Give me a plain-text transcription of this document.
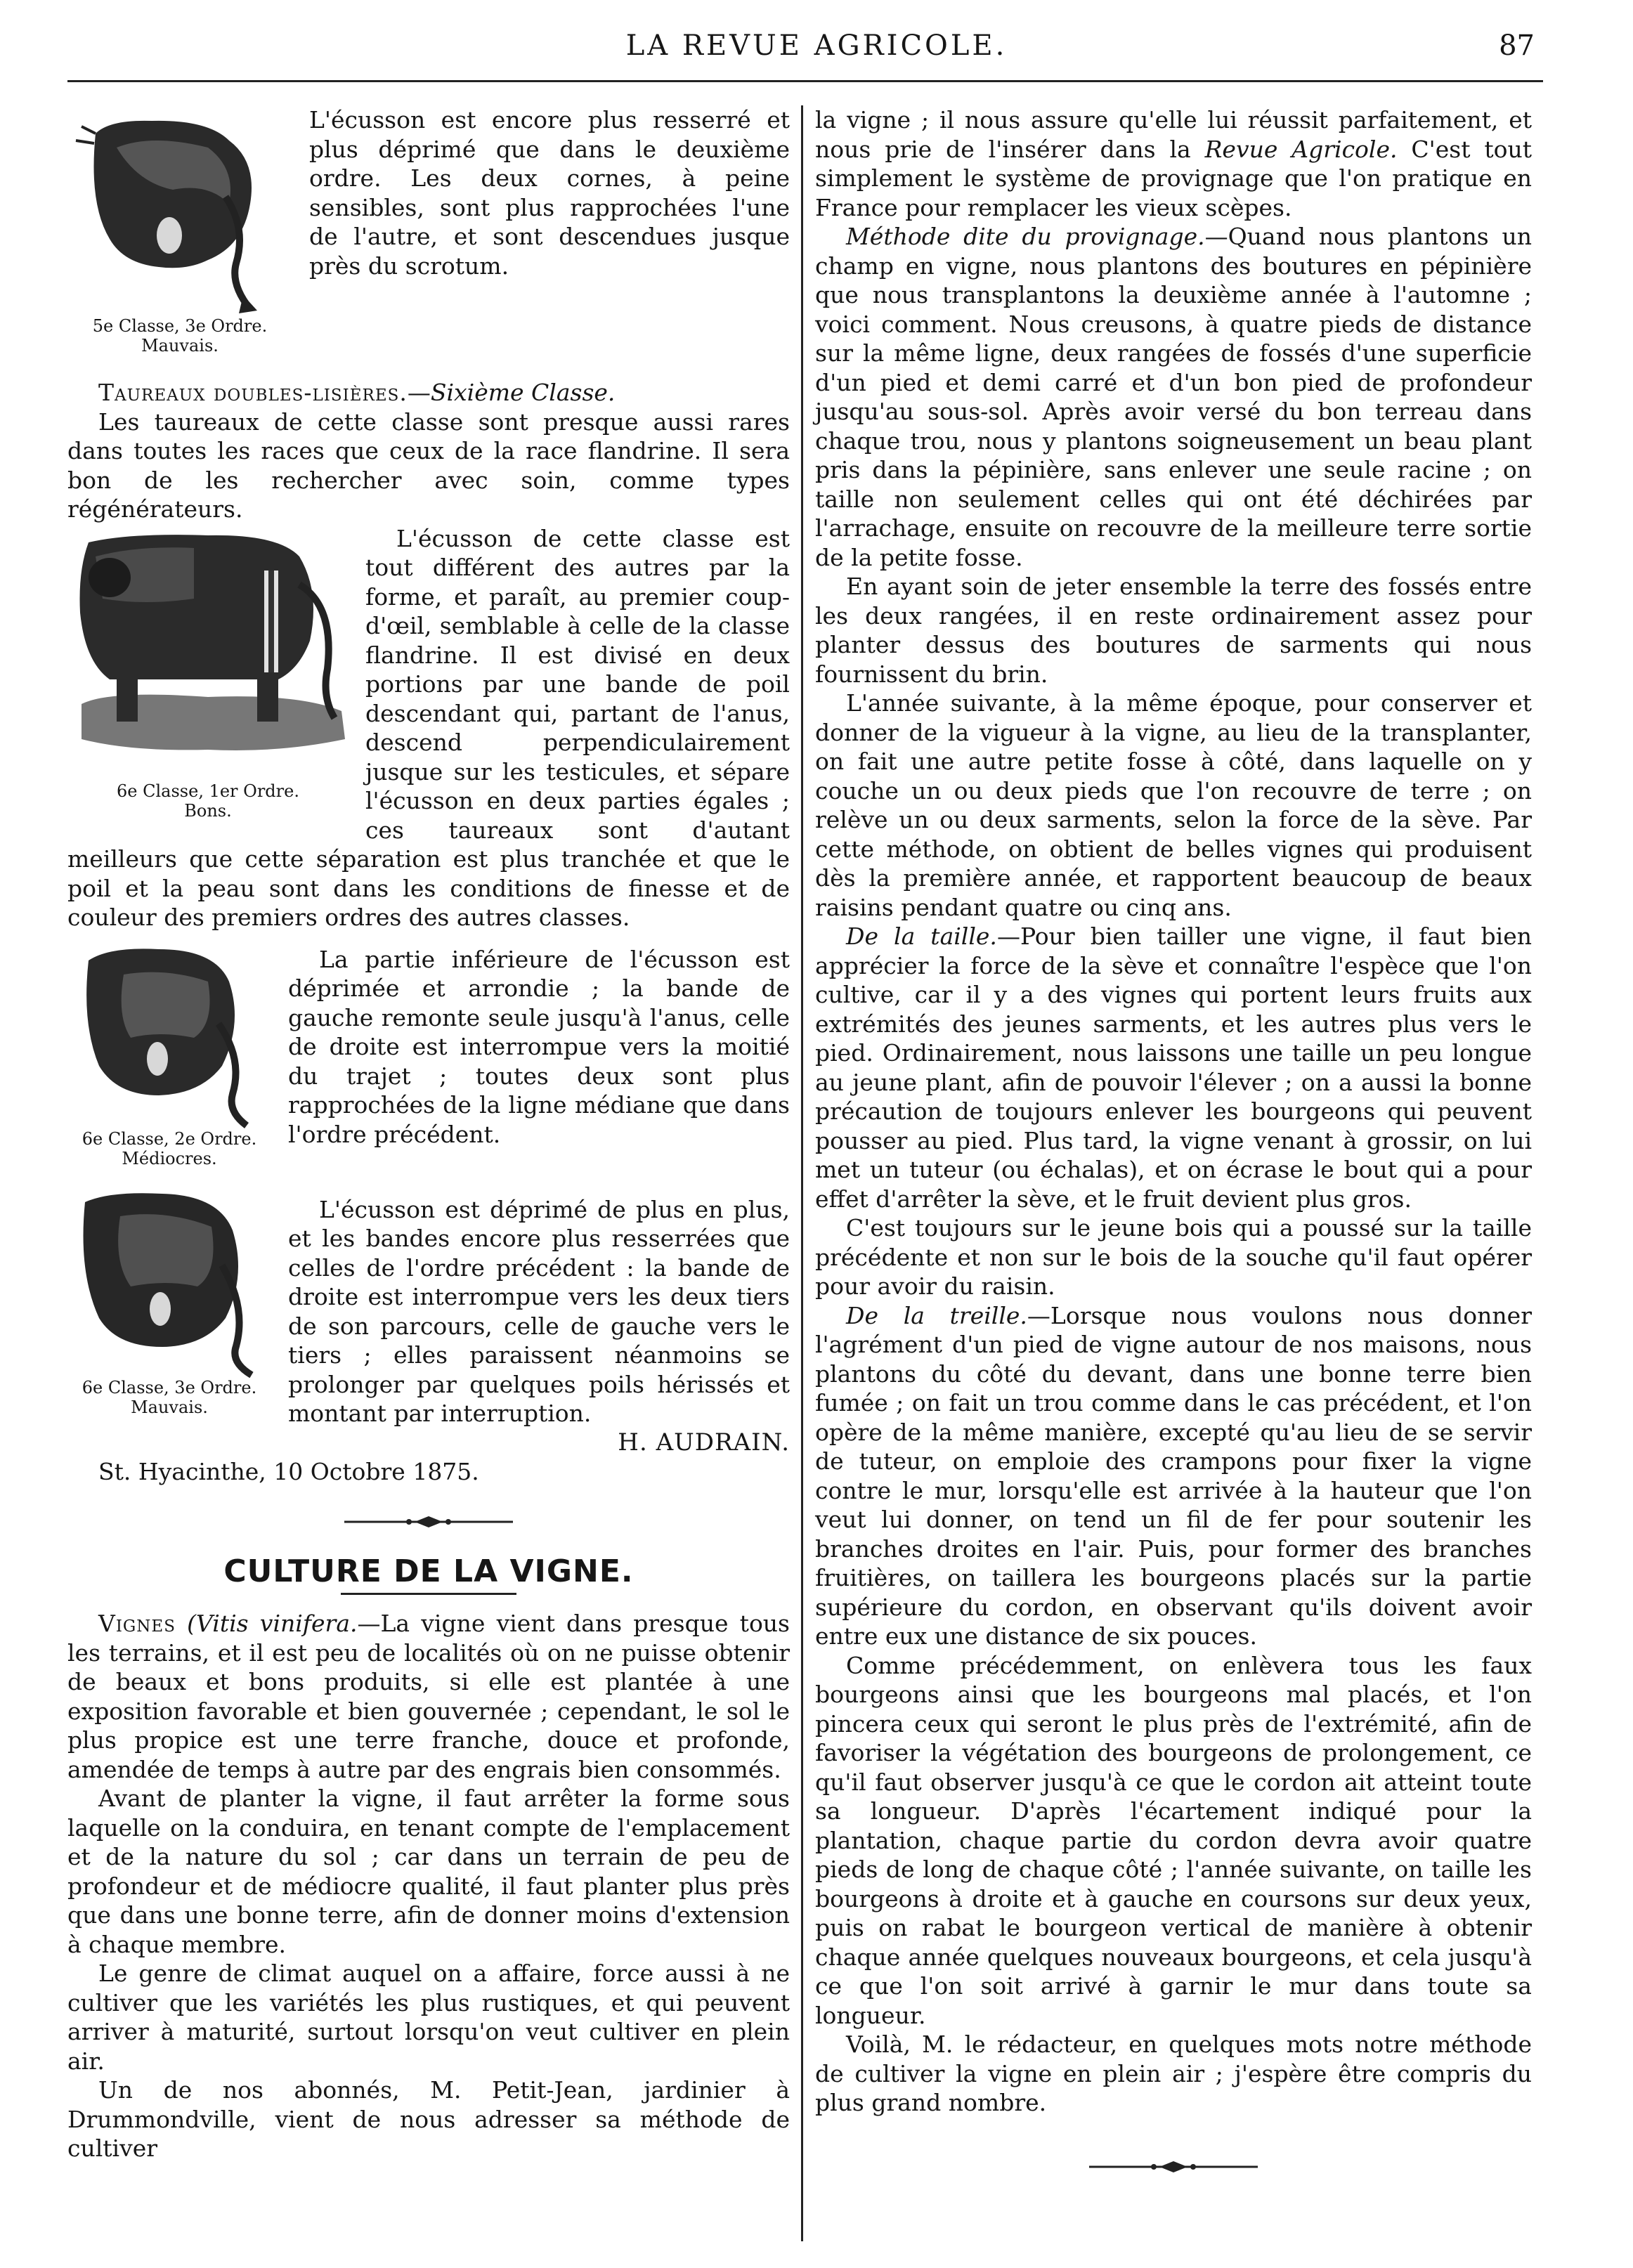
LA REVUE AGRICOLE.	87
5e Classe, 3e Ordre.
Mauvais.

L'écusson est encore plus resserré et plus déprimé que dans le deuxième ordre. Les deux cornes, à peine sensibles, sont plus rapprochées l'une de l'autre, et sont descendues jusque près du scrotum.

Taureaux doubles-lisières.—Sixième Classe.

Les taureaux de cette classe sont presque aussi rares dans toutes les races que ceux de la race flandrine. Il sera bon de les rechercher avec soin, comme types régénérateurs.

6e Classe, 1er Ordre.
Bons.

L'écusson de cette classe est tout différent des autres par la forme, et paraît, au premier coup-d'œil, semblable à celle de la classe flandrine. Il est divisé en deux portions par une bande de poil descendant qui, partant de l'anus, descend perpendiculairement jusque sur les testicules, et sépare l'écusson en deux parties égales ; ces taureaux sont d'autant meilleurs que cette séparation est plus tranchée et que le poil et la peau sont dans les conditions de finesse et de couleur des premiers ordres des autres classes.

6e Classe, 2e Ordre.
Médiocres.

La partie inférieure de l'écusson est déprimée et arrondie ; la bande de gauche remonte seule jusqu'à l'anus, celle de droite est interrompue vers la moitié du trajet ; toutes deux sont plus rapprochées de la ligne médiane que dans l'ordre précédent.

6e Classe, 3e Ordre.
Mauvais.

L'écusson est déprimé de plus en plus, et les bandes encore plus resserrées que celles de l'ordre précédent : la bande de droite est interrompue vers les deux tiers de son parcours, celle de gauche vers le tiers ; elles paraissent néanmoins se prolonger par quelques poils hérissés et montant par interruption.

H. AUDRAIN.

St. Hyacinthe, 10 Octobre 1875.

CULTURE DE LA VIGNE.

Vignes (Vitis vinifera.—La vigne vient dans presque tous les terrains, et il est peu de localités où on ne puisse obtenir de beaux et bons produits, si elle est plantée à une exposition favorable et bien gouvernée ; cependant, le sol le plus propice est une terre franche, douce et profonde, amendée de temps à autre par des engrais bien consommés.

Avant de planter la vigne, il faut arrêter la forme sous laquelle on la conduira, en tenant compte de l'emplacement et de la nature du sol ; car dans un terrain de peu de profondeur et de médiocre qualité, il faut planter plus près que dans une bonne terre, afin de donner moins d'extension à chaque membre.

Le genre de climat auquel on a affaire, force aussi à ne cultiver que les variétés les plus rustiques, et qui peuvent arriver à maturité, surtout lorsqu'on veut cultiver en plein air.

Un de nos abonnés, M. Petit-Jean, jardinier à Drummondville, vient de nous adresser sa méthode de cultiver

la vigne ; il nous assure qu'elle lui réussit parfaitement, et nous prie de l'insérer dans la Revue Agricole. C'est tout simplement le système de provignage que l'on pratique en France pour remplacer les vieux scèpes.

Méthode dite du provignage.—Quand nous plantons un champ en vigne, nous plantons des boutures en pépinière que nous transplantons la deuxième année à l'automne ; voici comment. Nous creusons, à quatre pieds de distance sur la même ligne, deux rangées de fossés d'une superficie d'un pied et demi carré et d'un bon pied de profondeur jusqu'au sous-sol. Après avoir versé du bon terreau dans chaque trou, nous y plantons soigneusement un beau plant pris dans la pépinière, sans enlever une seule racine ; on taille non seulement celles qui ont été déchirées par l'arrachage, ensuite on recouvre de la meilleure terre sortie de la petite fosse.

En ayant soin de jeter ensemble la terre des fossés entre les deux rangées, il en reste ordinairement assez pour planter dessus des boutures de sarments qui nous fournissent du brin.

L'année suivante, à la même époque, pour conserver et donner de la vigueur à la vigne, au lieu de la transplanter, on fait une autre petite fosse à côté, dans laquelle on y couche un ou deux pieds que l'on recouvre de terre ; on relève un ou deux sarments, selon la force de la sève. Par cette méthode, on obtient de belles vignes qui produisent dès la première année, et rapportent beaucoup de beaux raisins pendant quatre ou cinq ans.

De la taille.—Pour bien tailler une vigne, il faut bien apprécier la force de la sève et connaître l'espèce que l'on cultive, car il y a des vignes qui portent leurs fruits aux extrémités des jeunes sarments, et les autres plus vers le pied. Ordinairement, nous laissons une taille un peu longue au jeune plant, afin de pouvoir l'élever ; on a aussi la bonne précaution de toujours enlever les bourgeons qui peuvent pousser au pied. Plus tard, la vigne venant à grossir, on lui met un tuteur (ou échalas), et on écrase le bout qui a pour effet d'arrêter la sève, et le fruit devient plus gros.

C'est toujours sur le jeune bois qui a poussé sur la taille précédente et non sur le bois de la souche qu'il faut opérer pour avoir du raisin.

De la treille.—Lorsque nous voulons nous donner l'agrément d'un pied de vigne autour de nos maisons, nous plantons du côté du devant, dans une bonne terre bien fumée ; on fait un trou comme dans le cas précédent, et l'on opère de la même manière, excepté qu'au lieu de se servir de tuteur, on emploie des crampons pour fixer la vigne contre le mur, lorsqu'elle est arrivée à la hauteur que l'on veut lui donner, on tend un fil de fer pour soutenir les branches droites en l'air. Puis, pour former des branches fruitières, on taillera les bourgeons placés sur la partie supérieure du cordon, en observant qu'ils doivent avoir entre eux une distance de six pouces.

Comme précédemment, on enlèvera tous les faux bourgeons ainsi que les bourgeons mal placés, et l'on pincera ceux qui seront le plus près de l'extrémité, afin de favoriser la végétation des bourgeons de prolongement, ce qu'il faut observer jusqu'à ce que le cordon ait atteint toute sa longueur. D'après l'écartement indiqué pour la plantation, chaque partie du cordon devra avoir quatre pieds de long de chaque côté ; l'année suivante, on taille les bourgeons à droite et à gauche en coursons sur deux yeux, puis on rabat le bourgeon vertical de manière à obtenir chaque année quelques nouveaux bourgeons, et cela jusqu'à ce que l'on soit arrivé à garnir le mur dans toute sa longueur.

Voilà, M. le rédacteur, en quelques mots notre méthode de cultiver la vigne en plein air ; j'espère être compris du plus grand nombre.
